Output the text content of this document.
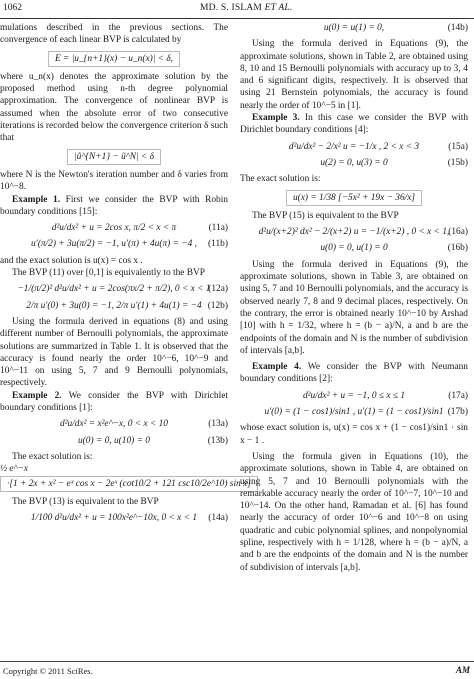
1062	MD. S. ISLAM ET AL.

mulations described in the previous sections. The convergence of each linear BVP is calculated by

E = |u_{n+1}(x) − u_n(x)| < δ,

where u_n(x) denotes the approximate solution by the proposed method using n-th degree polynomial approximation. The convergence of nonlinear BVP is assumed when the absolute error of two consecutive iterations is recorded below the convergence criterion δ such that

|ũ^{N+1} − ũ^N| < δ

where N is the Newton's iteration number and δ varies from 10^−8.

Example 1. First we consider the BVP with Robin boundary conditions [15]:

d²u/dx² + u = 2cos x, π/2 < x < π	(11a)
u′(π/2) + 3u(π/2) = −1, u′(π) + 4u(π) = −4 , (11b)

and the exact solution is u(x) = cos x .

The BVP (11) over [0,1] is equivalently to the BVP

−1/(π/2)² d²u/dx² + u = 2cos(πx/2 + π/2), 0 < x < 1
(12a)
2/π u′(0) + 3u(0) = −1, 2/π u′(1) + 4u(1) = −4 (12b)

Using the formula derived in equations (8) and using different number of Bernoulli polynomials, the approximate solutions are summarized in Table 1. It is observed that the accuracy is found nearly the order 10^−6, 10^−9 and 10^−11 on using 5, 7 and 9 Bernoulli polynomials, respectively.

Example 2. We consider the BVP with Dirichlet boundary conditions [1]:

d²u/dx² = x²e^−x, 0 < x < 10	(13a)
u(0) = 0, u(10) = 0	(13b)

The exact solution is:

½ e^−x
·[1 + 2x + x² − eˣ cos x − 2eˣ (cot10/2 + 121 csc10/2e^10) sin x]

The BVP (13) is equivalent to the BVP

1/100 d²u/dx² + u = 100x²e^−10x, 0 < x < 1 (14a)
u(0) = u(1) = 0,	(14b)

Using the formula derived in Equations (9), the approximate solutions, shown in Table 2, are obtained using 8, 10 and 15 Bernoulli polynomials with accuracy up to 3, 4 and 6 significant digits, respectively. It is observed that using 21 Bernstein polynomials, the accuracy is found nearly the order of 10^−5 in [1].

Example 3. In this case we consider the BVP with Dirichlet boundary conditions [4]:

d²u/dx² − 2/x² u = −1/x , 2 < x < 3	(15a)
u(2) = 0, u(3) = 0	(15b)

The exact solution is:

u(x) = 1/38 [−5x² + 19x − 36/x]

The BVP (15) is equivalent to the BVP

d²u/(x+2)² dx² − 2/(x+2) u = −1/(x+2) , 0 < x < 1,
(16a)
u(0) = 0, u(1) = 0	(16b)

Using the formula derived in Equations (9), the approximate solutions, shown in Table 3, are obtained on using 5, 7 and 10 Bernoulli polynomials, and the accuracy is observed nearly 7, 8 and 9 decimal places, respectively. On the contrary, the error is obtained nearly 10^−10 by Arshad [10] with h = 1/32, where h = (b − a)/N, a and b are the endpoints of the domain and N is the number of subdivision of intervals [a,b].

Example 4. We consider the BVP with Neumann boundary conditions [2]:

d²u/dx² + u = −1, 0 ≤ x ≤ 1	(17a)
u′(0) = (1 − cos1)/sin1 , u′(1) = (1 − cos1)/sin1 (17b)

whose exact solution is, u(x) = cos x + (1 − cos1)/sin1 · sin x − 1 .

Using the formula given in Equations (10), the approximate solutions, shown in Table 4, are obtained on using 5, 7 and 10 Bernoulli polynomials with the remarkable accuracy nearly the order of 10^−7, 10^−10 and 10^−14. On the other hand, Ramadan et al. [6] has found nearly the accuracy of order 10^−6 and 10^−8 on using quadratic and cubic polynomial splines, and nonpolynomial spline, respectively with h = 1/128, where h = (b − a)/N, a and b are the endpoints of the domain and N is the number of subdivision of intervals [a,b].

Copyright © 2011 SciRes.	AM
